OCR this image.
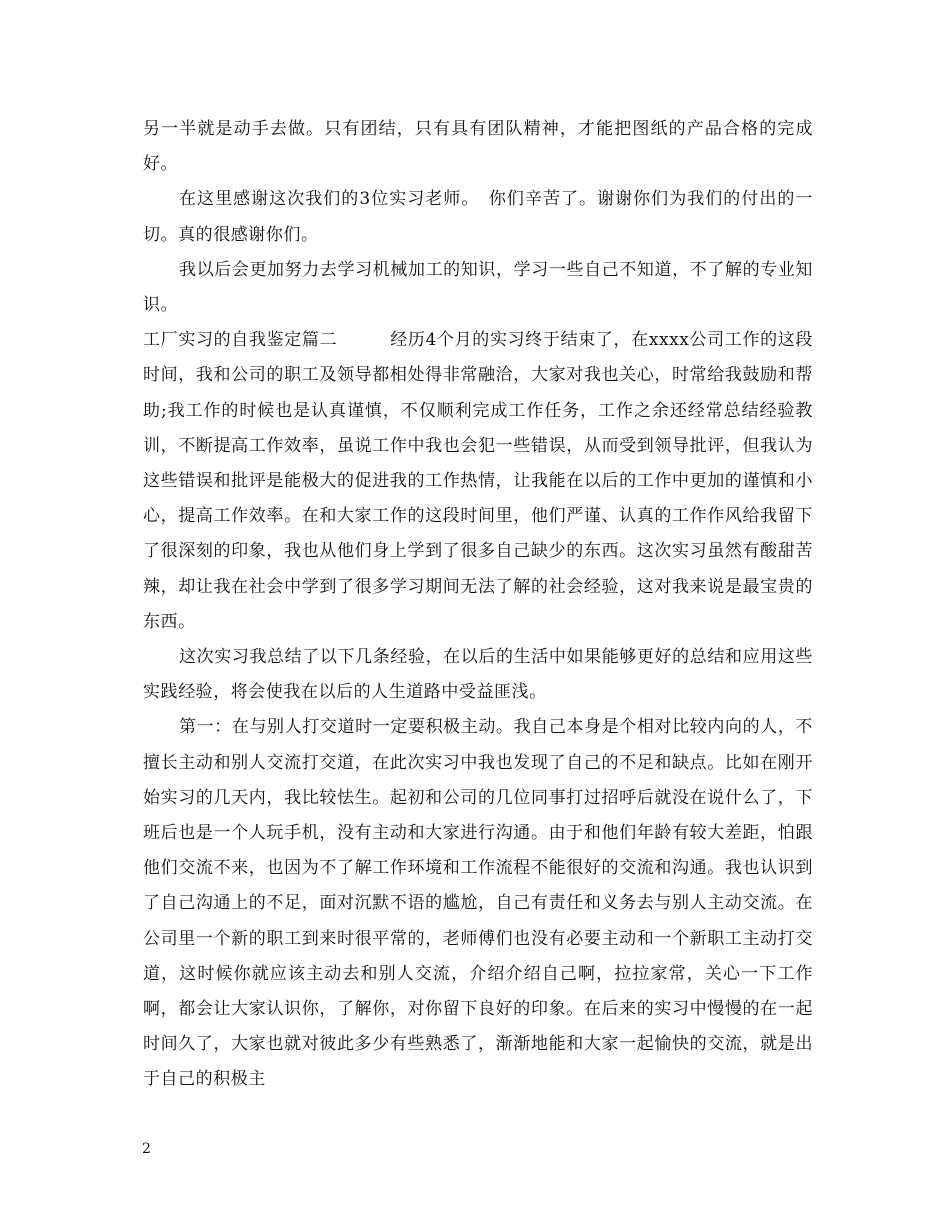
另一半就是动手去做。只有团结，只有具有团队精神，才能把图纸的产品合格的完成好。

在这里感谢这次我们的3位实习老师。　你们辛苦了。谢谢你们为我们的付出的一切。真的很感谢你们。

我以后会更加努力去学习机械加工的知识，学习一些自己不知道，不了解的专业知识。

工厂实习的自我鉴定篇二　　　经历4个月的实习终于结束了，在xxxx公司工作的这段时间，我和公司的职工及领导都相处得非常融洽，大家对我也关心，时常给我鼓励和帮助;我工作的时候也是认真谨慎，不仅顺利完成工作任务，工作之余还经常总结经验教训，不断提高工作效率，虽说工作中我也会犯一些错误，从而受到领导批评，但我认为这些错误和批评是能极大的促进我的工作热情，让我能在以后的工作中更加的谨慎和小心，提高工作效率。在和大家工作的这段时间里，他们严谨、认真的工作作风给我留下了很深刻的印象，我也从他们身上学到了很多自己缺少的东西。这次实习虽然有酸甜苦辣，却让我在社会中学到了很多学习期间无法了解的社会经验，这对我来说是最宝贵的东西。

这次实习我总结了以下几条经验，在以后的生活中如果能够更好的总结和应用这些实践经验，将会使我在以后的人生道路中受益匪浅。

第一：在与别人打交道时一定要积极主动。我自己本身是个相对比较内向的人，不擅长主动和别人交流打交道，在此次实习中我也发现了自己的不足和缺点。比如在刚开始实习的几天内，我比较怯生。起初和公司的几位同事打过招呼后就没在说什么了，下班后也是一个人玩手机，没有主动和大家进行沟通。由于和他们年龄有较大差距，怕跟他们交流不来，也因为不了解工作环境和工作流程不能很好的交流和沟通。我也认识到了自己沟通上的不足，面对沉默不语的尴尬，自己有责任和义务去与别人主动交流。在公司里一个新的职工到来时很平常的，老师傅们也没有必要主动和一个新职工主动打交道，这时候你就应该主动去和别人交流，介绍介绍自己啊，拉拉家常，关心一下工作啊，都会让大家认识你，了解你，对你留下良好的印象。在后来的实习中慢慢的在一起时间久了，大家也就对彼此多少有些熟悉了，渐渐地能和大家一起愉快的交流，就是出于自己的积极主

2
